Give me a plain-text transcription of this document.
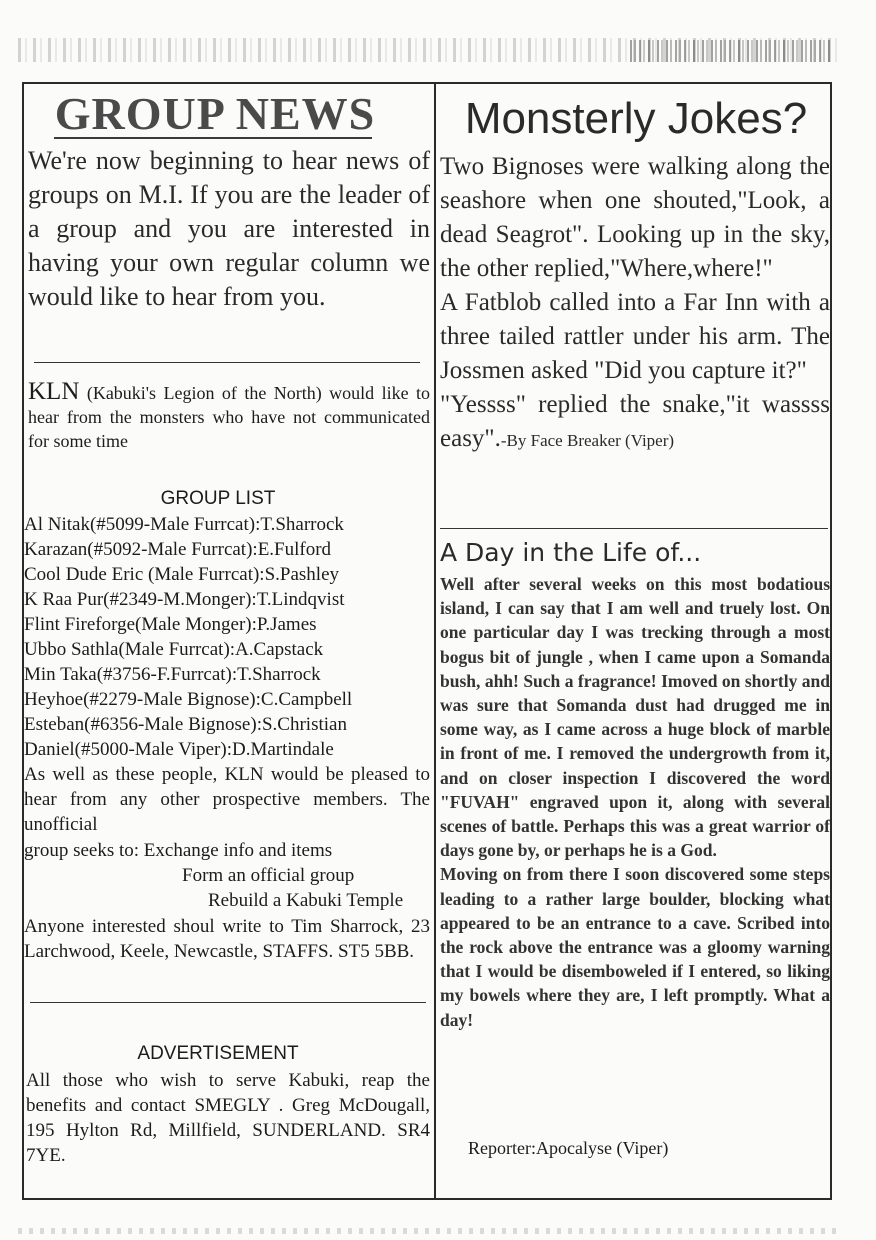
GROUP NEWS
We're now beginning to hear news of groups on M.I. If you are the leader of a group and you are interested in having your own regular column we would like to hear from you.
KLN (Kabuki's Legion of the North) would like to hear from the monsters who have not communicated for some time
GROUP LIST
Al Nitak(#5099-Male Furrcat):T.Sharrock
Karazan(#5092-Male Furrcat):E.Fulford
Cool Dude Eric (Male Furrcat):S.Pashley
K Raa Pur(#2349-M.Monger):T.Lindqvist
Flint Fireforge(Male Monger):P.James
Ubbo Sathla(Male Furrcat):A.Capstack
Min Taka(#3756-F.Furrcat):T.Sharrock
Heyhoe(#2279-Male Bignose):C.Campbell
Esteban(#6356-Male Bignose):S.Christian
Daniel(#5000-Male Viper):D.Martindale
As well as these people, KLN would be pleased to hear from any other prospective members. The unofficial
group seeks to: Exchange info and items
Form an official group
Rebuild a Kabuki Temple
Anyone interested shoul write to Tim Sharrock, 23 Larchwood, Keele, Newcastle, STAFFS. ST5 5BB.
ADVERTISEMENT
All those who wish to serve Kabuki, reap the benefits and contact SMEGLY . Greg McDougall, 195 Hylton Rd, Millfield, SUNDERLAND. SR4 7YE.
Monsterly Jokes?
Two Bignoses were walking along the seashore when one shouted,"Look, a dead Seagrot". Looking up in the sky, the other replied,"Where,where!"
A Fatblob called into a Far Inn with a three tailed rattler under his arm. The Jossmen asked "Did you capture it?"
"Yessss" replied the snake,"it wassss easy".-By Face Breaker (Viper)
A Day in the Life of...
Well after several weeks on this most bodatious island, I can say that I am well and truely lost. On one particular day I was trecking through a most bogus bit of jungle , when I came upon a Somanda bush, ahh! Such a fragrance! Imoved on shortly and was sure that Somanda dust had drugged me in some way, as I came across a huge block of marble in front of me. I removed the undergrowth from it, and on closer inspection I discovered the word "FUVAH" engraved upon it, along with several scenes of battle. Perhaps this was a great warrior of days gone by, or perhaps he is a God.
Moving on from there I soon discovered some steps leading to a rather large boulder, blocking what appeared to be an entrance to a cave. Scribed into the rock above the entrance was a gloomy warning that I would be disemboweled if I entered, so liking my bowels where they are, I left promptly. What a day!
Reporter:Apocalyse (Viper)
